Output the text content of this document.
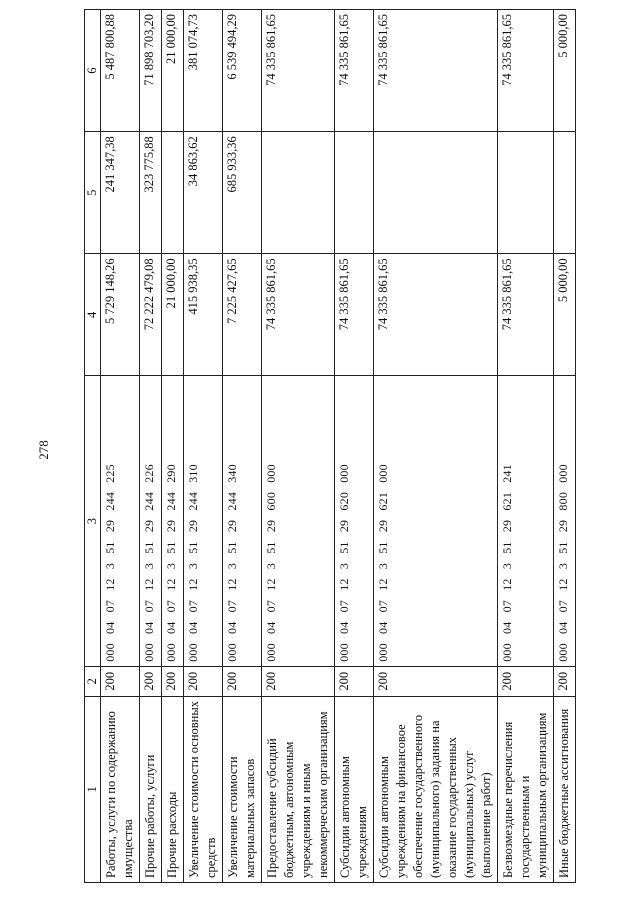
278
1	2	3	4	5	6
Работы, услуги по содержанию имущества	200	000 04 07 12 3 51 29 244 225	5 729 148,26	241 347,38	5 487 800,88
Прочие работы, услуги	200	000 04 07 12 3 51 29 244 226	72 222 479,08	323 775,88	71 898 703,20
Прочие расходы	200	000 04 07 12 3 51 29 244 290	21 000,00		21 000,00
Увеличение стоимости основных средств	200	000 04 07 12 3 51 29 244 310	415 938,35	34 863,62	381 074,73
Увеличение стоимости материальных запасов	200	000 04 07 12 3 51 29 244 340	7 225 427,65	685 933,36	6 539 494,29
Предоставление субсидий бюджетным, автономным учреждениям и иным некоммерческим организациям	200	000 04 07 12 3 51 29 600 000	74 335 861,65		74 335 861,65
Субсидии автономным учреждениям	200	000 04 07 12 3 51 29 620 000	74 335 861,65		74 335 861,65
Субсидии автономным учреждениям на финансовое обеспечение государственного (муниципального) задания на оказание государственных (муниципальных) услуг (выполнение работ)	200	000 04 07 12 3 51 29 621 000	74 335 861,65		74 335 861,65
Безвозмездные перечисления государственным и муниципальным организациям	200	000 04 07 12 3 51 29 621 241	74 335 861,65		74 335 861,65
Иные бюджетные ассигнования	200	000 04 07 12 3 51 29 800 000	5 000,00		5 000,00
